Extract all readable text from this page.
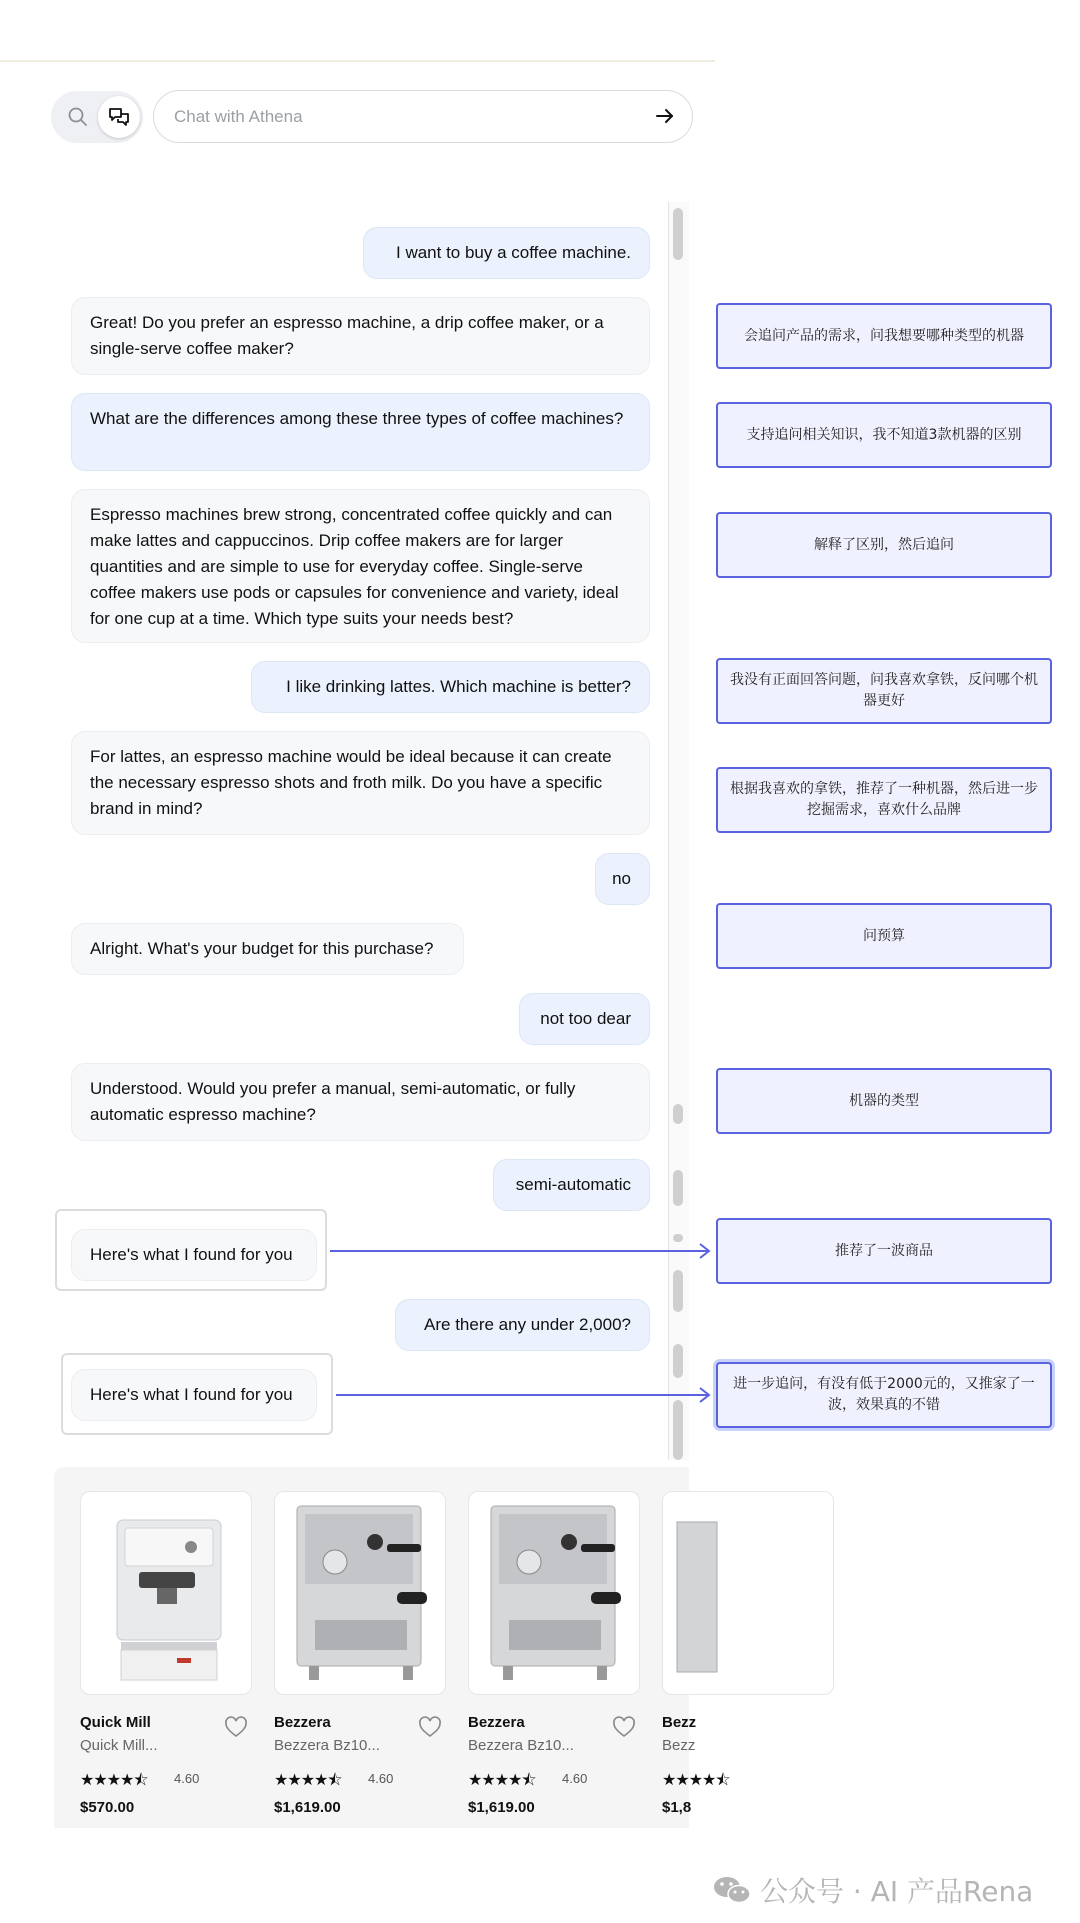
Chat with Athena
I want to buy a coffee machine.
Great! Do you prefer an espresso machine, a drip coffee maker, or a single-serve coffee maker?
What are the differences among these three types of coffee machines?
Espresso machines brew strong, concentrated coffee quickly and can make lattes and cappuccinos. Drip coffee makers are for larger quantities and are simple to use for everyday coffee. Single-serve coffee makers use pods or capsules for convenience and variety, ideal for one cup at a time. Which type suits your needs best?
I like drinking lattes. Which machine is better?
For lattes, an espresso machine would be ideal because it can create the necessary espresso shots and froth milk. Do you have a specific brand in mind?
no
Alright. What's your budget for this purchase?
not too dear
Understood. Would you prefer a manual, semi-automatic, or fully automatic espresso machine?
semi-automatic
Here's what I found for you
Are there any under 2,000?
Here's what I found for you
会追问产品的需求，问我想要哪种类型的机器
支持追问相关知识，我不知道3款机器的区别
解释了区别，然后追问
我没有正面回答问题，问我喜欢拿铁，反问哪个机器更好
根据我喜欢的拿铁，推荐了一种机器，然后进一步挖掘需求，喜欢什么品牌
问预算
机器的类型
推荐了一波商品
进一步追问，有没有低于2000元的，又推家了一波，效果真的不错
Quick Mill
Quick Mill...
★★★★⯪ 4.60
$570.00
Bezzera
Bezzera Bz10...
★★★★⯪ 4.60
$1,619.00
Bezzera
Bezzera Bz10...
★★★★⯪ 4.60
$1,619.00
Bezz
Bezz
★★★★⯪
$1,8
公众号 · AI 产品Rena
